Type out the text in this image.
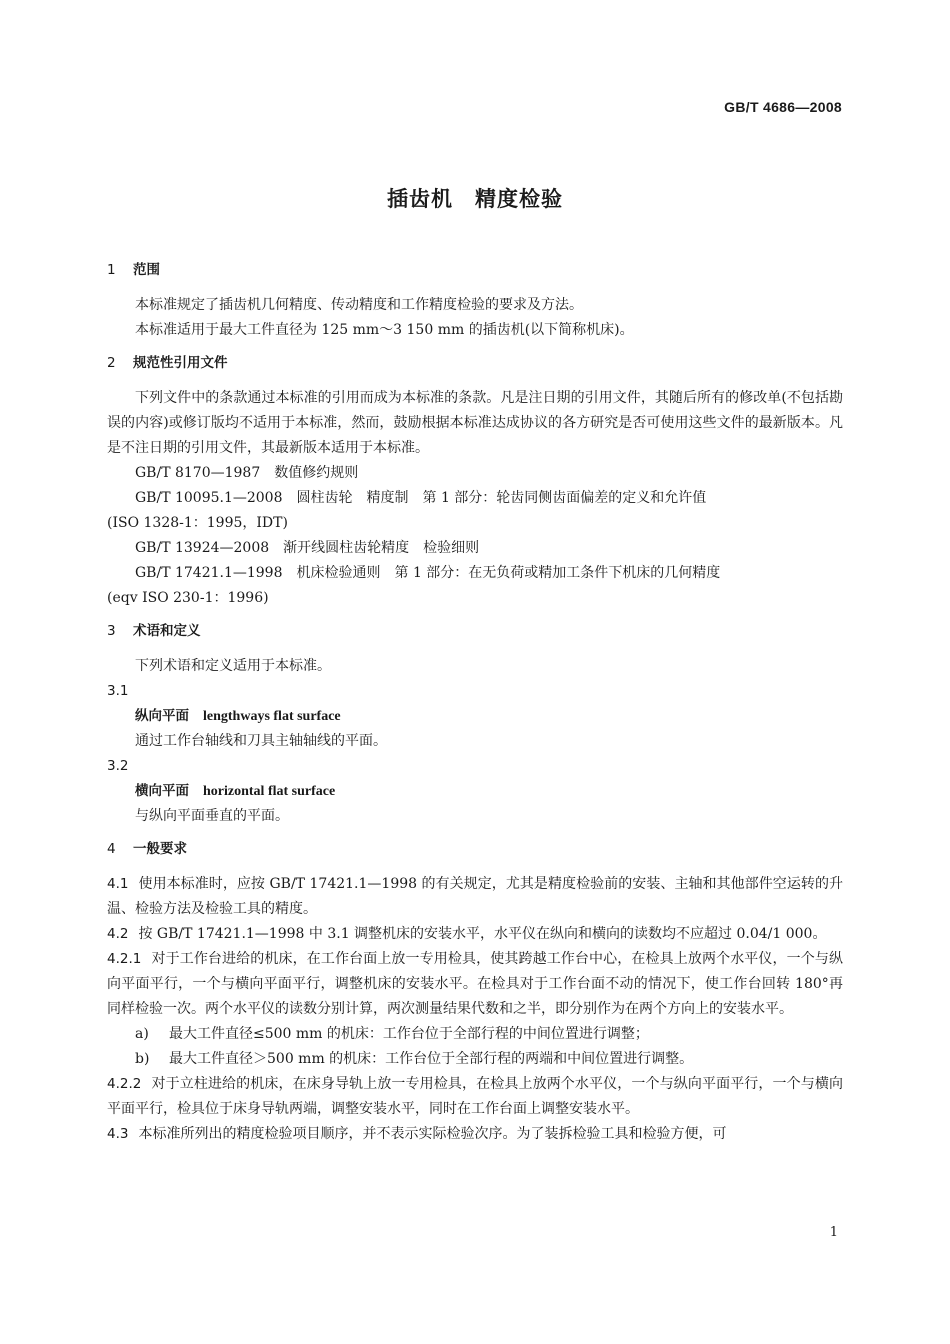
GB/T 4686—2008
插齿机 精度检验
1 范围
本标准规定了插齿机几何精度、传动精度和工作精度检验的要求及方法。
本标准适用于最大工件直径为 125 mm～3 150 mm 的插齿机(以下简称机床)。
2 规范性引用文件
下列文件中的条款通过本标准的引用而成为本标准的条款。凡是注日期的引用文件，其随后所有的修改单(不包括勘误的内容)或修订版均不适用于本标准，然而，鼓励根据本标准达成协议的各方研究是否可使用这些文件的最新版本。凡是不注日期的引用文件，其最新版本适用于本标准。
GB/T 8170—1987 数值修约规则
GB/T 10095.1—2008 圆柱齿轮　精度制　第 1 部分：轮齿同侧齿面偏差的定义和允许值
(ISO 1328-1：1995，IDT)
GB/T 13924—2008 渐开线圆柱齿轮精度　检验细则
GB/T 17421.1—1998 机床检验通则　第 1 部分：在无负荷或精加工条件下机床的几何精度
(eqv ISO 230-1：1996)
3 术语和定义
下列术语和定义适用于本标准。
3.1
纵向平面 lengthways flat surface
通过工作台轴线和刀具主轴轴线的平面。
3.2
横向平面 horizontal flat surface
与纵向平面垂直的平面。
4 一般要求
4.1 使用本标准时，应按 GB/T 17421.1—1998 的有关规定，尤其是精度检验前的安装、主轴和其他部件空运转的升温、检验方法及检验工具的精度。
4.2 按 GB/T 17421.1—1998 中 3.1 调整机床的安装水平，水平仪在纵向和横向的读数均不应超过 0.04/1 000。
4.2.1 对于工作台进给的机床，在工作台面上放一专用检具，使其跨越工作台中心，在检具上放两个水平仪，一个与纵向平面平行，一个与横向平面平行，调整机床的安装水平。在检具对于工作台面不动的情况下，使工作台回转 180°再同样检验一次。两个水平仪的读数分别计算，两次测量结果代数和之半，即分别作为在两个方向上的安装水平。
a) 最大工件直径≤500 mm 的机床：工作台位于全部行程的中间位置进行调整；
b) 最大工件直径＞500 mm 的机床：工作台位于全部行程的两端和中间位置进行调整。
4.2.2 对于立柱进给的机床，在床身导轨上放一专用检具，在检具上放两个水平仪，一个与纵向平面平行，一个与横向平面平行，检具位于床身导轨两端，调整安装水平，同时在工作台面上调整安装水平。
4.3 本标准所列出的精度检验项目顺序，并不表示实际检验次序。为了装拆检验工具和检验方便，可
1
